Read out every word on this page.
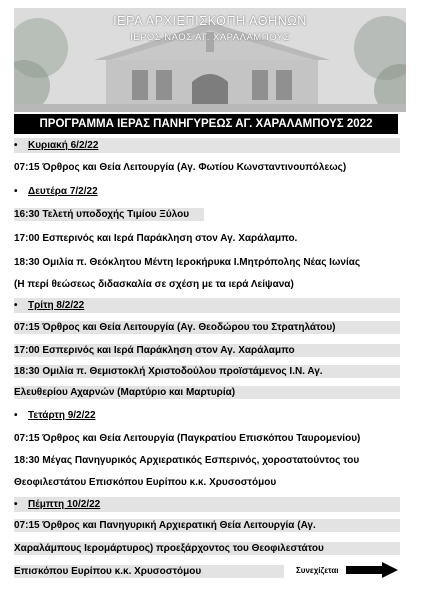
ΙΕΡΑ ΑΡΧΙΕΠΙΣΚΟΠΗ ΑΘΗΝΩΝ
ΙΕΡΟΣ ΝΑΟΣ ΑΓ. ΧΑΡΑΛΑΜΠΟΥΣ
ΠΡΟΓΡΑΜΜΑ ΙΕΡΑΣ ΠΑΝΗΓΥΡΕΩΣ ΑΓ. ΧΑΡΑΛΑΜΠΟΥΣ 2022
• Κυριακή 6/2/22
07:15 Όρθρος και Θεία Λειτουργία (Αγ. Φωτίου Κωνσταντινουπόλεως)
• Δευτέρα 7/2/22
16:30 Τελετή υποδοχής Τιμίου Ξύλου
17:00 Εσπερινός και Ιερά Παράκληση στον Αγ. Χαράλαμπο.
18:30 Ομιλία π. Θεόκλητου Μέντη Ιεροκήρυκα Ι.Μητρόπολης Νέας Ιωνίας
(Η περί θεώσεως διδασκαλία σε σχέση με τα ιερά Λείψανα)
• Τρίτη 8/2/22
07:15 Όρθρος και Θεία Λειτουργία (Αγ. Θεοδώρου του Στρατηλάτου)
17:00 Εσπερινός και Ιερά Παράκληση στον Αγ. Χαράλαμπο
18:30 Ομιλία π. Θεμιστοκλή Χριστοδούλου προϊστάμενος Ι.Ν. Αγ.
Ελευθερίου Αχαρνών (Μαρτύριο και Μαρτυρία)
• Τετάρτη 9/2/22
07:15 Όρθρος και Θεία Λειτουργία (Παγκρατίου Επισκόπου Ταυρομενίου)
18:30 Μέγας Πανηγυρικός Αρχιερατικός Εσπερινός, χοροστατούντος του
Θεοφιλεστάτου Επισκόπου Ευρίπου κ.κ. Χρυσοστόμου
• Πέμπτη 10/2/22
07:15 Όρθρος και Πανηγυρική Αρχιερατική Θεία Λειτουργία (Αγ.
Χαραλάμπους Ιερομάρτυρος) προεξάρχοντος του Θεοφιλεστάτου
Επισκόπου Ευρίπου κ.κ. Χρυσοστόμου	Συνεχίζεται
